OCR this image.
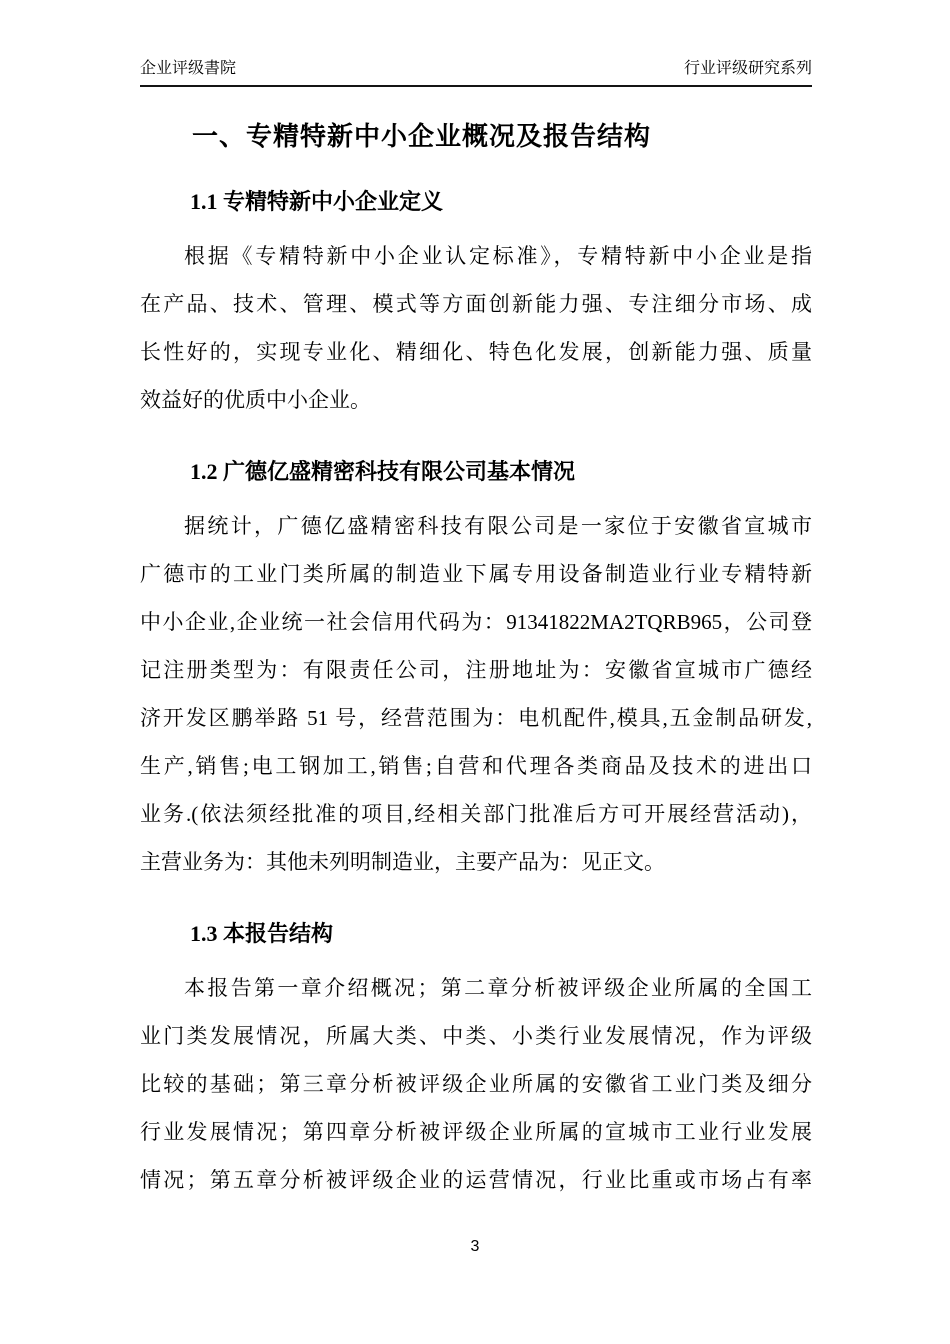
企业评级書院	行业评级研究系列
一、专精特新中小企业概况及报告结构
1.1 专精特新中小企业定义
根据《专精特新中小企业认定标准》，专精特新中小企业是指
在产品、技术、管理、模式等方面创新能力强、专注细分市场、成
长性好的，实现专业化、精细化、特色化发展，创新能力强、质量
效益好的优质中小企业。
1.2 广德亿盛精密科技有限公司基本情况
据统计，广德亿盛精密科技有限公司是一家位于安徽省宣城市
广德市的工业门类所属的制造业下属专用设备制造业行业专精特新
中小企业,企业统一社会信用代码为：91341822MA2TQRB965，公司登
记注册类型为：有限责任公司，注册地址为：安徽省宣城市广德经
济开发区鹏举路 51 号，经营范围为：电机配件,模具,五金制品研发,
生产,销售;电工钢加工,销售;自营和代理各类商品及技术的进出口
业务.(依法须经批准的项目,经相关部门批准后方可开展经营活动)，
主营业务为：其他未列明制造业，主要产品为：见正文。
1.3 本报告结构
本报告第一章介绍概况；第二章分析被评级企业所属的全国工
业门类发展情况，所属大类、中类、小类行业发展情况，作为评级
比较的基础；第三章分析被评级企业所属的安徽省工业门类及细分
行业发展情况；第四章分析被评级企业所属的宣城市工业行业发展
情况；第五章分析被评级企业的运营情况，行业比重或市场占有率
3
